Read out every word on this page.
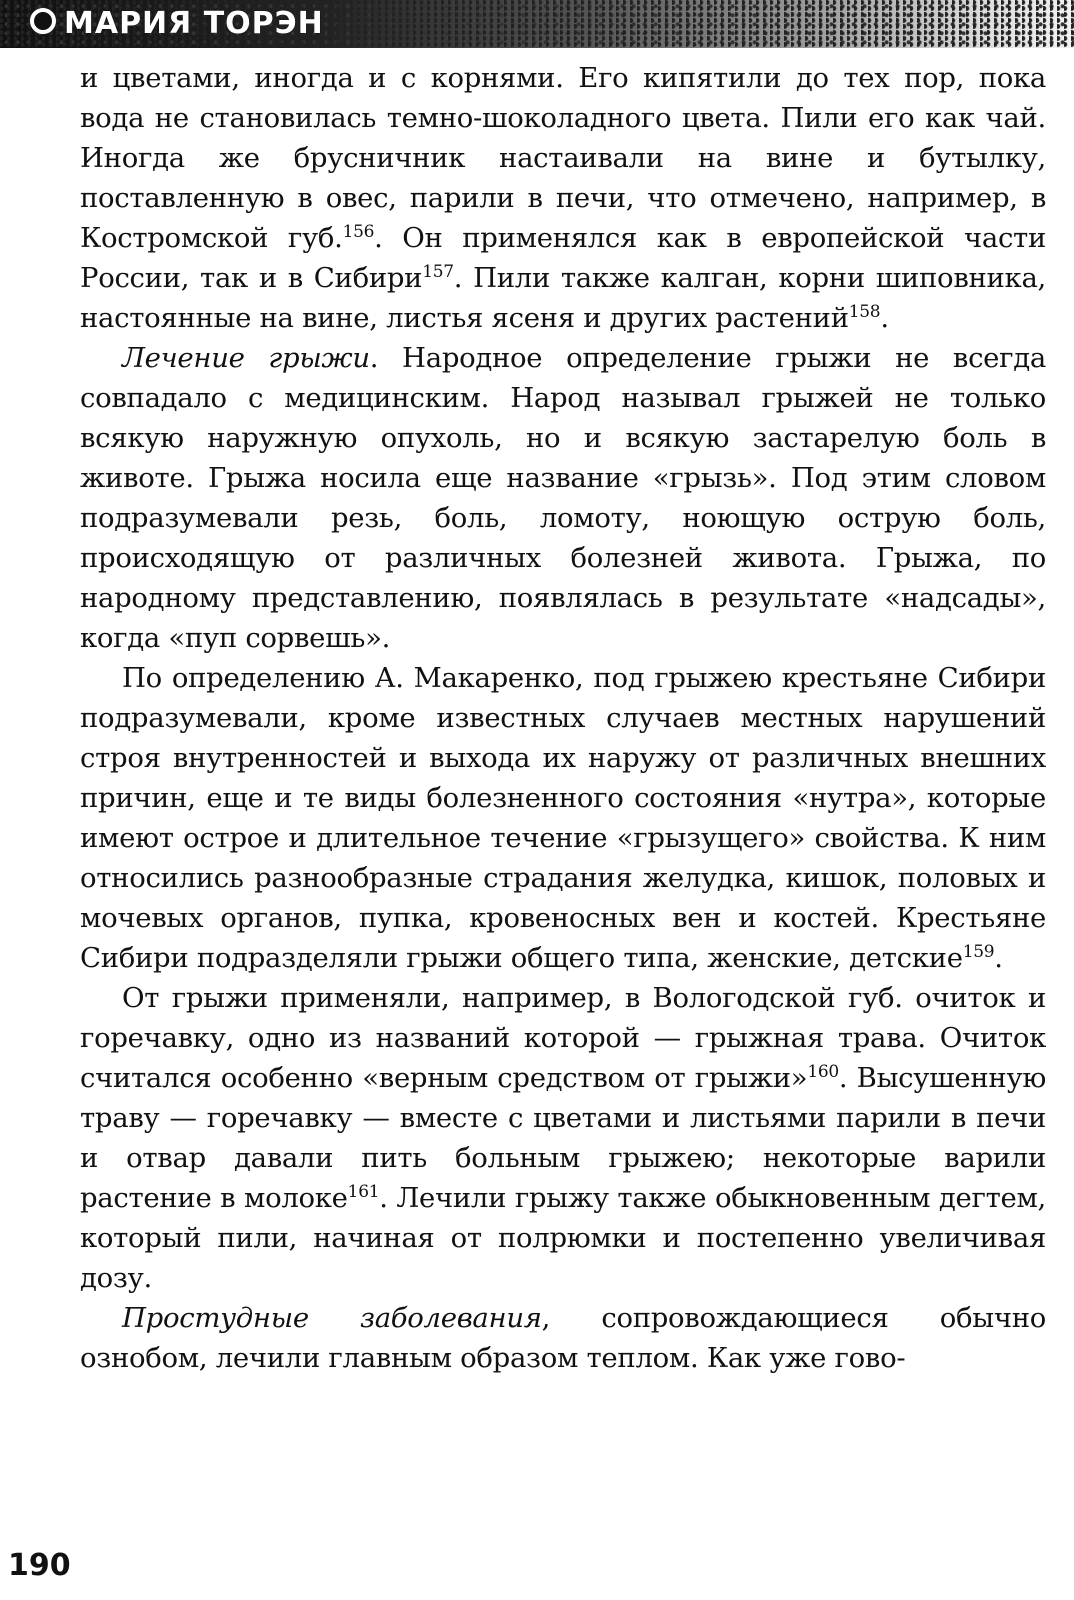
МАРИЯ ТОРЭН

и цветами, иногда и с корнями. Его кипятили до тех пор, пока вода не становилась темно-шоколадного цвета. Пили его как чай. Иногда же брусничник настаивали на вине и бутылку, поставленную в овес, парили в печи, что отмечено, например, в Костромской губ.$^{156}$. Он применялся как в европейской части России, так и в Сибири$^{157}$. Пили также калган, корни шиповника, настоянные на вине, листья ясеня и других растений$^{158}$.

Лечение грыжи. Народное определение грыжи не всегда совпадало с медицинским. Народ называл грыжей не только всякую наружную опухоль, но и всякую застарелую боль в животе. Грыжа носила еще название «грызь». Под этим словом подразумевали резь, боль, ломоту, ноющую острую боль, происходящую от различных болезней живота. Грыжа, по народному представлению, появлялась в результате «надсады», когда «пуп сорвешь».

По определению А. Макаренко, под грыжею крестьяне Сибири подразумевали, кроме известных случаев местных нарушений строя внутренностей и выхода их наружу от различных внешних причин, еще и те виды болезненного состояния «нутра», которые имеют острое и длительное течение «грызущего» свойства. К ним относились разнообразные страдания желудка, кишок, половых и мочевых органов, пупка, кровеносных вен и костей. Крестьяне Сибири подразделяли грыжи общего типа, женские, детские$^{159}$.

От грыжи применяли, например, в Вологодской губ. очиток и горечавку, одно из названий которой — грыжная трава. Очиток считался особенно «верным средством от грыжи»$^{160}$. Высушенную траву — горечавку — вместе с цветами и листьями парили в печи и отвар давали пить больным грыжею; некоторые варили растение в молоке$^{161}$. Лечили грыжу также обыкновенным дегтем, который пили, начиная от полрюмки и постепенно увеличивая дозу.

Простудные заболевания, сопровождающиеся обычно ознобом, лечили главным образом теплом. Как уже гово-

190
